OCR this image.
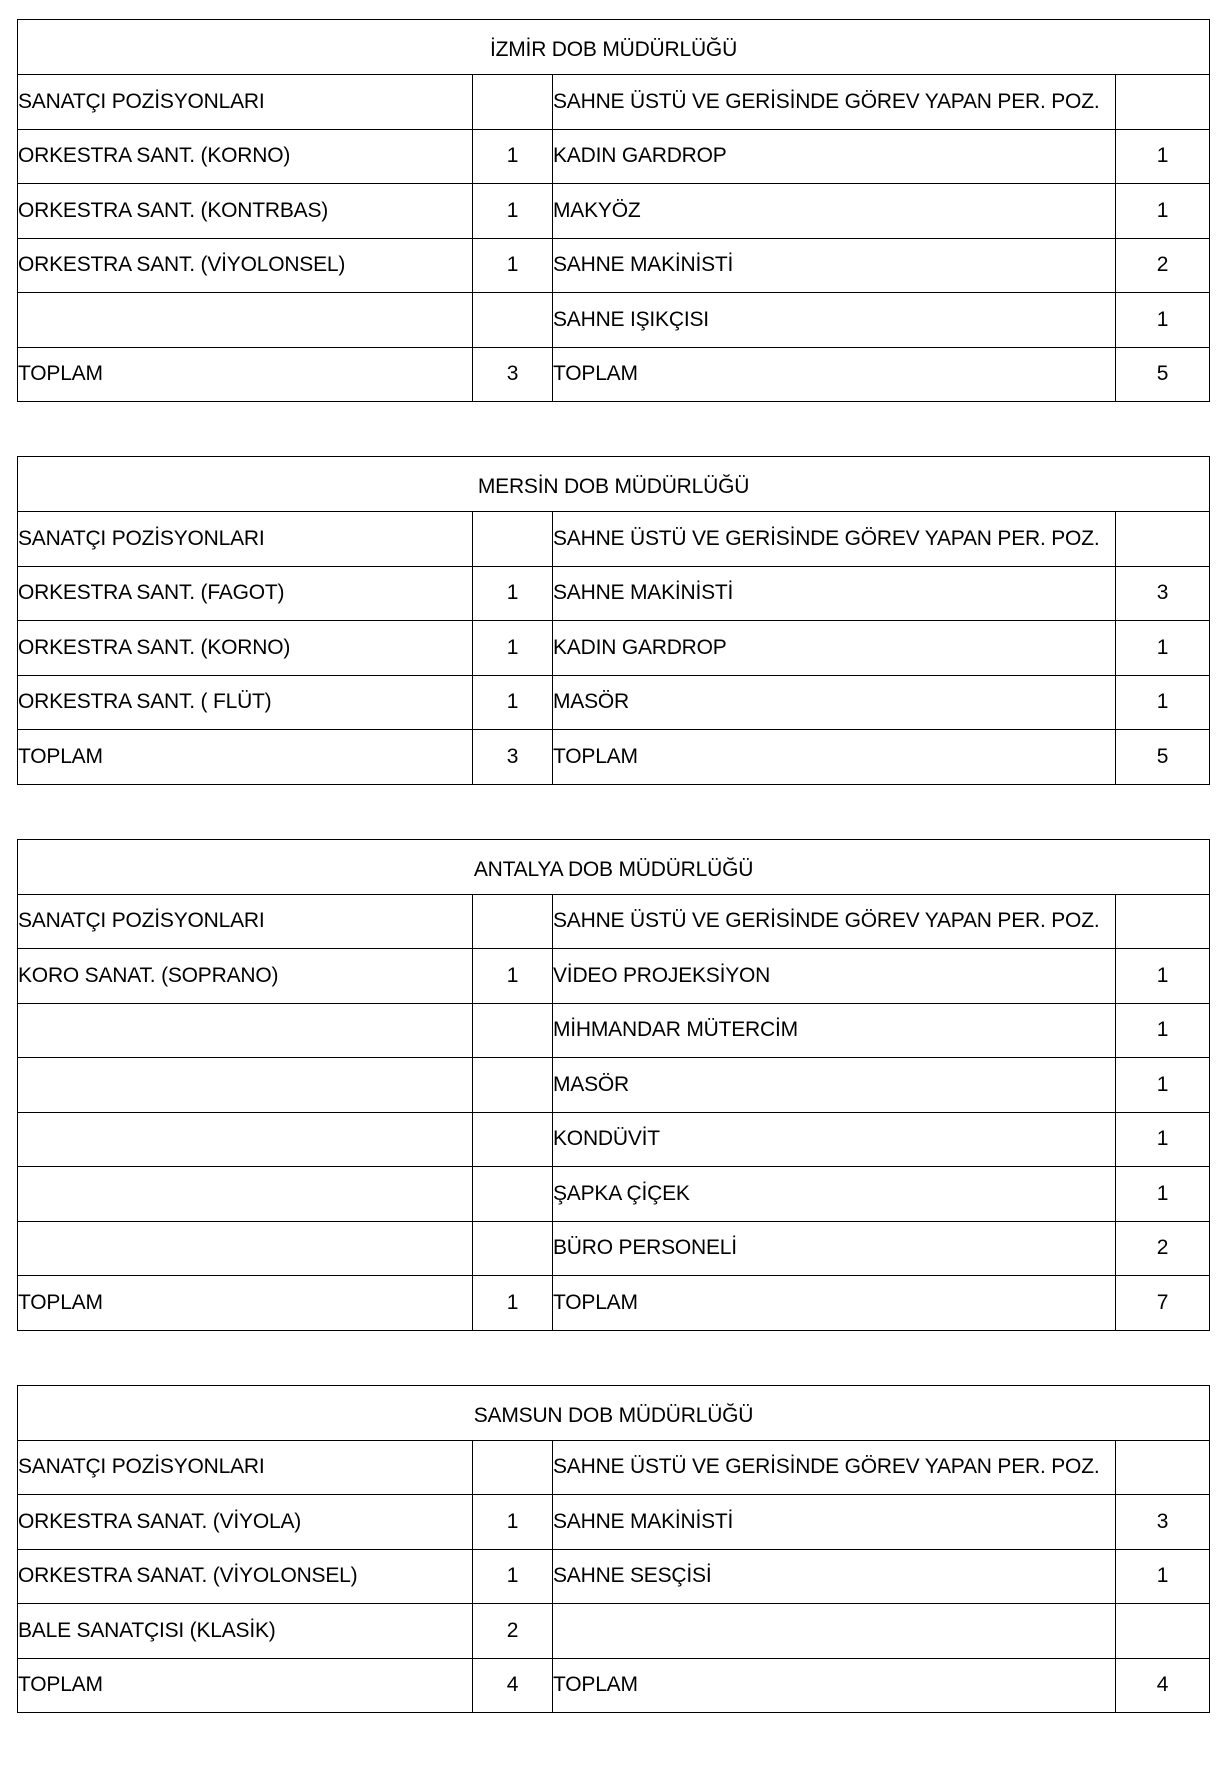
İZMİR DOB MÜDÜRLÜĞÜ			
SANATÇI POZİSYONLARI		SAHNE ÜSTÜ VE GERİSİNDE GÖREV YAPAN PER. POZ.	
ORKESTRA SANT. (KORNO)	1	KADIN GARDROP	1
ORKESTRA SANT. (KONTRBAS)	1	MAKYÖZ	1
ORKESTRA SANT. (VİYOLONSEL)	1	SAHNE MAKİNİSTİ	2
		SAHNE IŞIKÇISI	1
TOPLAM	3	TOPLAM	5
MERSİN DOB MÜDÜRLÜĞÜ			
SANATÇI POZİSYONLARI		SAHNE ÜSTÜ VE GERİSİNDE GÖREV YAPAN PER. POZ.	
ORKESTRA SANT. (FAGOT)	1	SAHNE MAKİNİSTİ	3
ORKESTRA SANT. (KORNO)	1	KADIN GARDROP	1
ORKESTRA SANT. ( FLÜT)	1	MASÖR	1
TOPLAM	3	TOPLAM	5
ANTALYA DOB MÜDÜRLÜĞÜ			
SANATÇI POZİSYONLARI		SAHNE ÜSTÜ VE GERİSİNDE GÖREV YAPAN PER. POZ.	
KORO SANAT. (SOPRANO)	1	VİDEO PROJEKSİYON	1
		MİHMANDAR MÜTERCİM	1
		MASÖR	1
		KONDÜVİT	1
		ŞAPKA ÇİÇEK	1
		BÜRO PERSONELİ	2
TOPLAM	1	TOPLAM	7
SAMSUN DOB MÜDÜRLÜĞÜ			
SANATÇI POZİSYONLARI		SAHNE ÜSTÜ VE GERİSİNDE GÖREV YAPAN PER. POZ.	
ORKESTRA SANAT. (VİYOLA)	1	SAHNE MAKİNİSTİ	3
ORKESTRA SANAT. (VİYOLONSEL)	1	SAHNE SESÇİSİ	1
BALE SANATÇISI (KLASİK)	2		
TOPLAM	4	TOPLAM	4
